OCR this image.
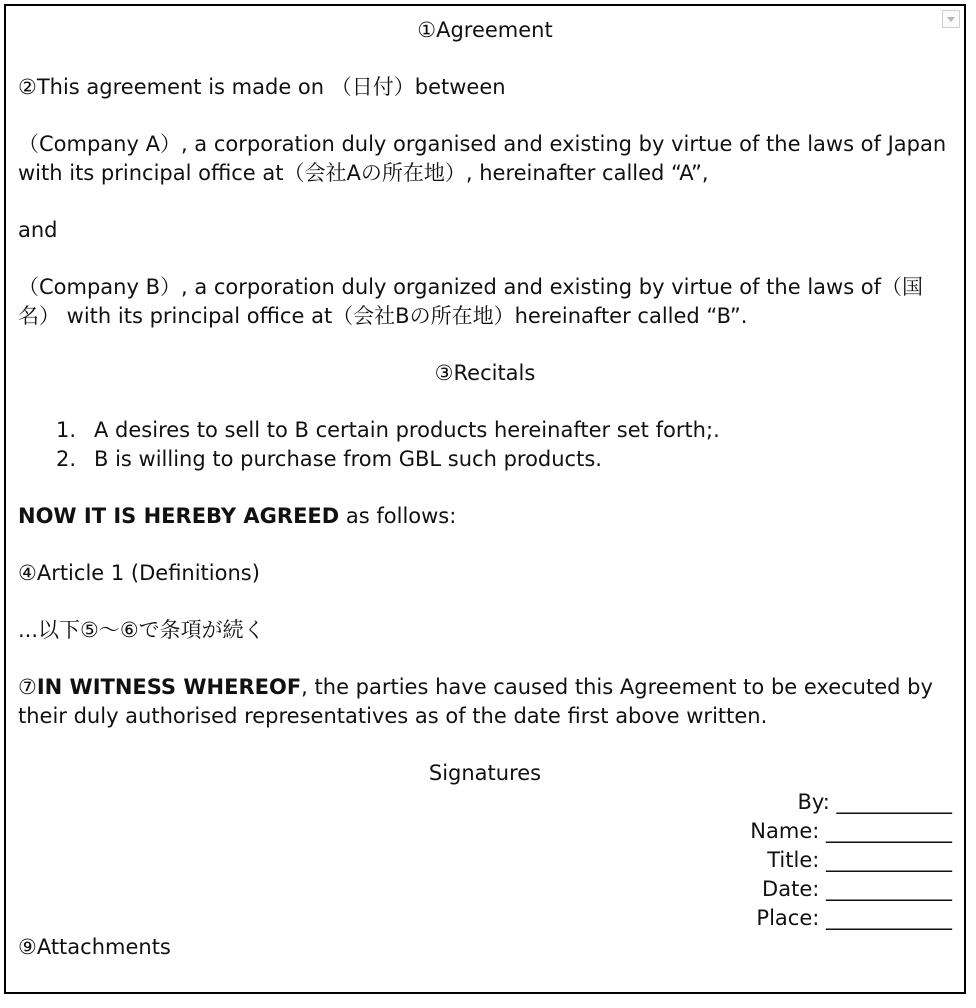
①Agreement

②This agreement is made on （日付）between

（Company A）, a corporation duly organised and existing by virtue of the laws of Japan with its principal office at（会社Aの所在地）, hereinafter called “A”,

and

（Company B）, a corporation duly organized and existing by virtue of the laws of（国名） with its principal office at（会社Bの所在地）hereinafter called “B”.

③Recitals

1. A desires to sell to B certain products hereinafter set forth;.
2. B is willing to purchase from GBL such products.

NOW IT IS HEREBY AGREED as follows:

④Article 1 (Definitions)

...以下⑤〜⑥で条項が続く

⑦IN WITNESS WHEREOF, the parties have caused this Agreement to be executed by their duly authorised representatives as of the date first above written.

Signatures

By: ___________
Name: ____________
Title: ____________
Date: ____________
Place: ____________

⑨Attachments
